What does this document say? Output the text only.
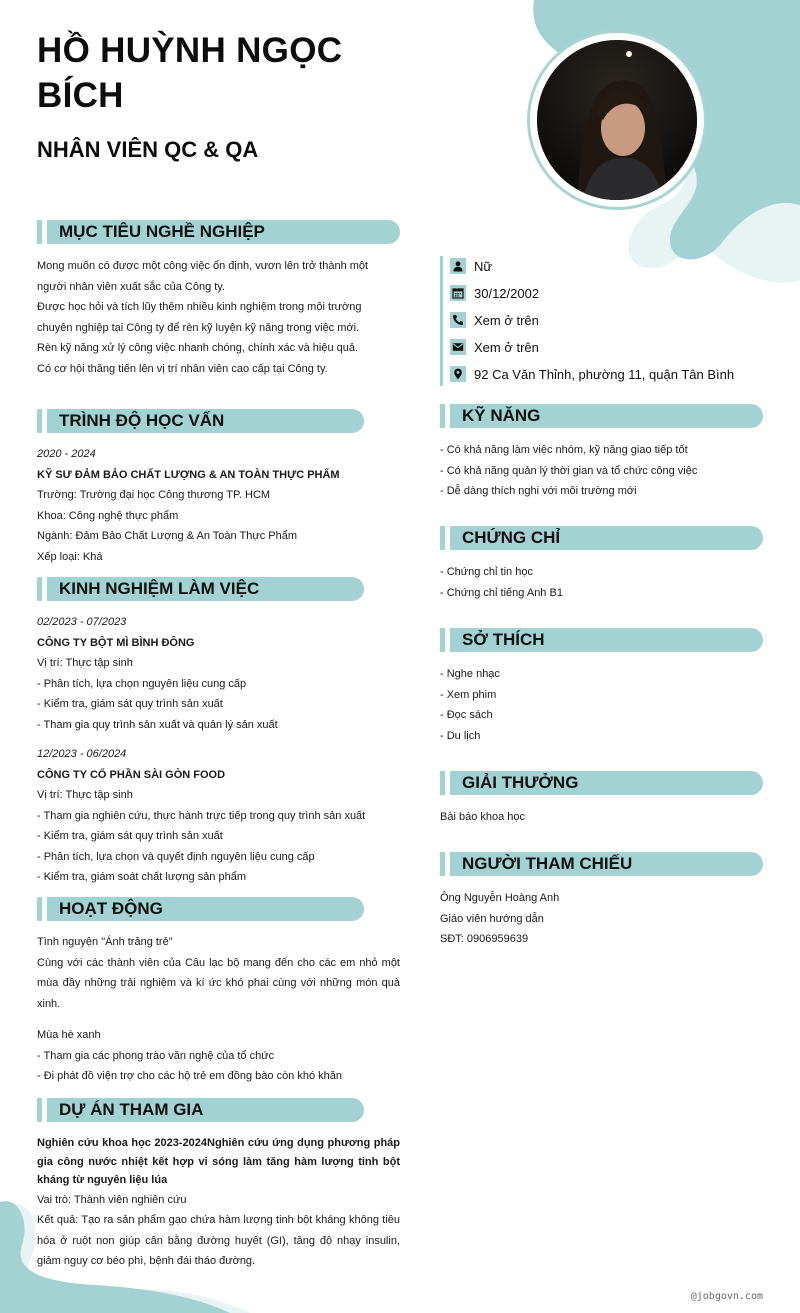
HỒ HUỲNH NGỌC BÍCH
NHÂN VIÊN QC & QA
Nữ
30/12/2002
Xem ở trên
Xem ở trên
92 Ca Văn Thỉnh, phường 11, quận Tân Bình
MỤC TIÊU NGHỀ NGHIỆP

Mong muốn có được một công việc ổn định, vươn lên trở thành một người nhân viên xuất sắc của Công ty.

Được học hỏi và tích lũy thêm nhiều kinh nghiệm trong môi trường chuyên nghiệp tại Công ty để rèn kỹ luyện kỹ năng trong việc mới. Rèn kỹ năng xử lý công việc nhanh chóng, chính xác và hiệu quả.

Có cơ hội thăng tiến lên vị trí nhân viên cao cấp tại Công ty.

TRÌNH ĐỘ HỌC VẤN

2020 - 2024

KỸ SƯ ĐẢM BẢO CHẤT LƯỢNG & AN TOÀN THỰC PHẨM

Trường: Trường đại học Công thương TP. HCM

Khoa: Công nghệ thực phẩm

Ngành: Đảm Bảo Chất Lượng & An Toàn Thực Phẩm

Xếp loại: Khá

KINH NGHIỆM LÀM VIỆC

02/2023 - 07/2023

CÔNG TY BỘT MÌ BÌNH ĐÔNG

Vị trí: Thực tập sinh

- Phân tích, lựa chọn nguyên liệu cung cấp

- Kiểm tra, giám sát quy trình sản xuất

- Tham gia quy trình sản xuất và quản lý sản xuất

12/2023 - 06/2024

CÔNG TY CỔ PHẦN SÀI GÒN FOOD

Vị trí: Thực tập sinh

- Tham gia nghiên cứu, thực hành trực tiếp trong quy trình sản xuất

- Kiểm tra, giám sát quy trình sản xuất

- Phân tích, lựa chọn và quyết định nguyên liệu cung cấp

- Kiểm tra, giám soát chất lượng sản phẩm

HOẠT ĐỘNG

Tình nguyện "Ánh trăng trẻ"

Cùng với các thành viên của Câu lạc bộ mang đến cho các em nhỏ một mùa đầy những trải nghiệm và kí ức khó phai cùng với những món quà xinh.

Mùa hè xanh

- Tham gia các phong trào văn nghệ của tổ chức

- Đi phát đồ viện trợ cho các hộ trẻ em đồng bào còn khó khăn

DỰ ÁN THAM GIA

Nghiên cứu khoa học 2023-2024Nghiên cứu ứng dụng phương pháp gia công nước nhiệt kết hợp vi sóng làm tăng hàm lượng tinh bột kháng từ nguyên liệu lúa

Vai trò: Thành viên nghiên cứu

Kết quả: Tạo ra sản phẩm gạo chứa hàm lượng tinh bột kháng không tiêu hóa ở ruột non giúp cân bằng đường huyết (GI), tăng độ nhạy insulin, giảm nguy cơ béo phì, bệnh đái tháo đường.

KỸ NĂNG

- Có khả năng làm việc nhóm, kỹ năng giao tiếp tốt

- Có khả năng quản lý thời gian và tổ chức công việc

- Dễ dàng thích nghi với môi trường mới

CHỨNG CHỈ

- Chứng chỉ tin học

- Chứng chỉ tiếng Anh B1

SỞ THÍCH

- Nghe nhạc

- Xem phim

- Đọc sách

- Du lịch

GIẢI THƯỞNG

Bài báo khoa học

NGƯỜI THAM CHIẾU

Ông Nguyễn Hoàng Anh

Giáo viên hướng dẫn

SĐT: 0906959639

@jobgovn.com
